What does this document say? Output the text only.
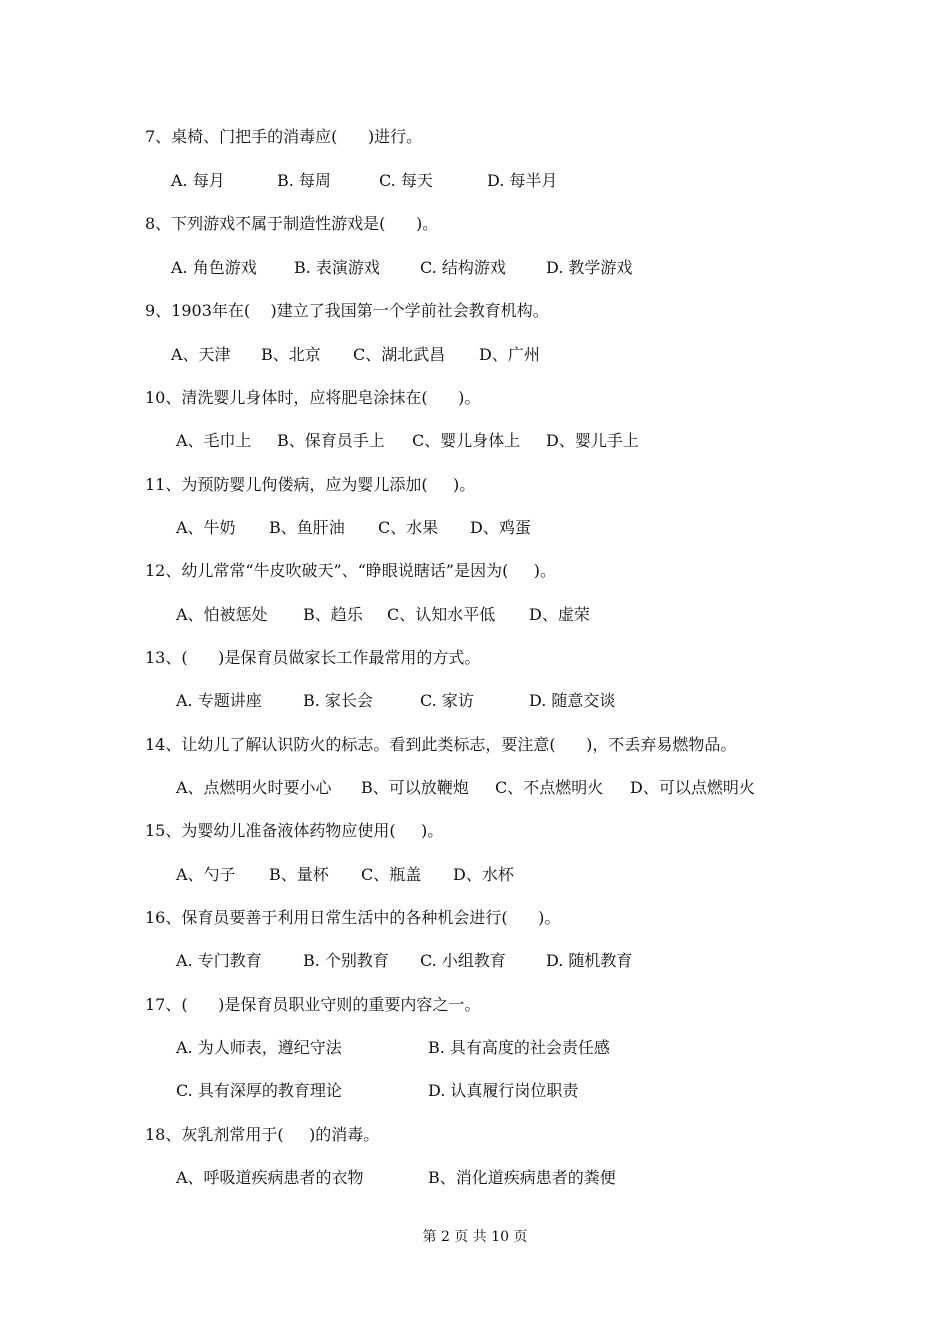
7、桌椅、门把手的消毒应(      )进行。
A. 每月	B. 每周	C. 每天	D. 每半月
8、下列游戏不属于制造性游戏是(      )。
A. 角色游戏 B. 表演游戏	C. 结构游戏	D. 教学游戏
9、1903年在(    )建立了我国第一个学前社会教育机构。
A、天津 B、北京 C、湖北武昌 D、广州
10、清洗婴儿身体时，应将肥皂涂抹在(      )。
A、毛巾上 B、保育员手上 C、婴儿身体上 D、婴儿手上
11、为预防婴儿佝偻病，应为婴儿添加(     )。
A、牛奶 B、鱼肝油 C、水果 D、鸡蛋
12、幼儿常常“牛皮吹破天”、“睁眼说瞎话”是因为(     )。
A、怕被惩处 B、趋乐 C、认知水平低 D、虚荣
13、(      )是保育员做家长工作最常用的方式。
A. 专题讲座	B. 家长会	C. 家访	D. 随意交谈
14、让幼儿了解认识防火的标志。看到此类标志，要注意(      )，不丢弃易燃物品。
A、点燃明火时要小心 B、可以放鞭炮 C、不点燃明火 D、可以点燃明火
15、为婴幼儿准备液体药物应使用(     )。
A、勺子 B、量杯 C、瓶盖 D、水杯
16、保育员要善于利用日常生活中的各种机会进行(      )。
A. 专门教育	B. 个别教育 C. 小组教育	D. 随机教育
17、(      )是保育员职业守则的重要内容之一。
A. 为人师表，遵纪守法	B. 具有高度的社会责任感
C. 具有深厚的教育理论	D. 认真履行岗位职责
18、灰乳剂常用于(     )的消毒。
A、呼吸道疾病患者的衣物	B、消化道疾病患者的粪便
第 2 页 共 10 页
